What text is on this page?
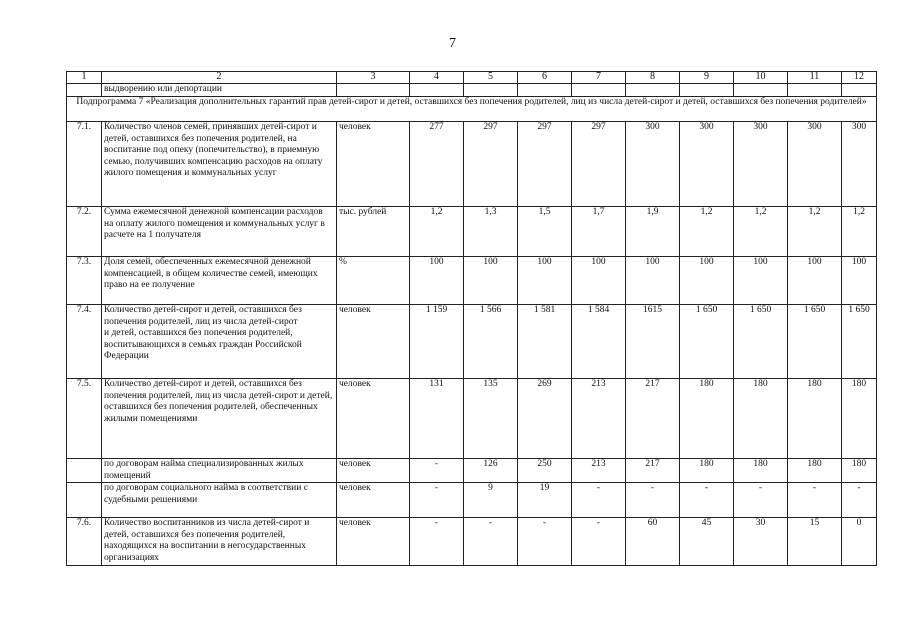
7
1	2	3	4	5	6	7	8	9	10	11	12
	выдворению или депортации										
Подпрограмма 7 «Реализация дополнительных гарантий прав детей-сирот и детей, оставшихся без попечения родителей, лиц из числа детей-сирот и детей, оставшихся без попечения родителей»											
7.1.	Количество членов семей, принявших детей-сирот и детей, оставшихся без попечения родителей, на воспитание под опеку (попечительство), в приемную семью, получивших компенсацию расходов на оплату жилого помещения и коммунальных услуг	человек	277	297	297	297	300	300	300	300	300
7.2.	Сумма ежемесячной денежной компенсации расходов на оплату жилого помещения и коммунальных услуг в расчете на 1 получателя	тыс. рублей	1,2	1,3	1,5	1,7	1,9	1,2	1,2	1,2	1,2
7.3.	Доля семей, обеспеченных ежемесячной денежной компенсацией, в общем количестве семей, имеющих право на ее получение	%	100	100	100	100	100	100	100	100	100
7.4.	Количество детей-сирот и детей, оставшихся без попечения родителей, лиц из числа детей-сирот
и детей, оставшихся без попечения родителей, воспитывающихся в семьях граждан Российской Федерации	человек	1 159	1 566	1 581	1 584	1615	1 650	1 650	1 650	1 650
7.5.	Количество детей-сирот и детей, оставшихся без попечения родителей, лиц из числа детей-сирот и детей, оставшихся без попечения родителей, обеспеченных жилыми помещениями	человек	131	135	269	213	217	180	180	180	180
	по договорам найма специализированных жилых помещений	человек	-	126	250	213	217	180	180	180	180
	по договорам социального найма в соответствии с судебными решениями	человек	-	9	19	-	-	-	-	-	-
7.6.	Количество воспитанников из числа детей-сирот и детей, оставшихся без попечения родителей, находящихся на воспитании в негосударственных организациях	человек	-	-	-	-	60	45	30	15	0
